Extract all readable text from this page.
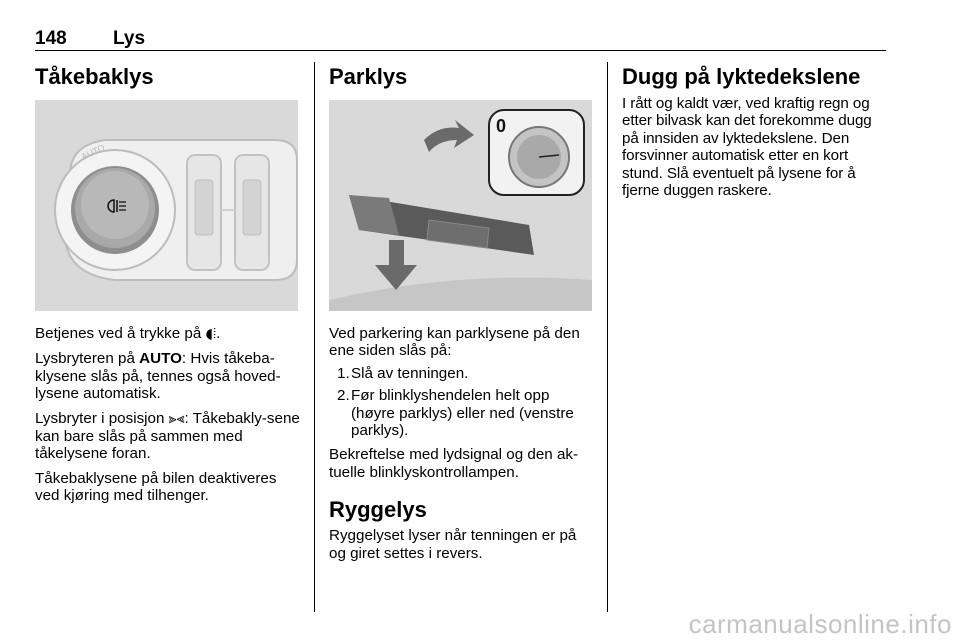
148 Lys
Tåkebaklys
AUTO

Betjenes ved å trykke på ◖⦙.

Lysbryteren på AUTO: Hvis tåkeba-klysene slås på, tennes også hoved-lysene automatisk.

Lysbryter i posisjon ⫸⫷: Tåkebakly-sene kan bare slås på sammen med tåkelysene foran.

Tåkebaklysene på bilen deaktiveres ved kjøring med tilhenger.

Parklys
0

Ved parkering kan parklysene på den ene siden slås på:

1. Slå av tenningen.
2. Før blinklyshendelen helt opp (høyre parklys) eller ned (venstre parklys).

Bekreftelse med lydsignal og den ak-tuelle blinklyskontrollampen.

Ryggelys

Ryggelyset lyser når tenningen er på og giret settes i revers.

Dugg på lyktedekslene

I rått og kaldt vær, ved kraftig regn og etter bilvask kan det forekomme dugg på innsiden av lyktedekslene. Den forsvinner automatisk etter en kort stund. Slå eventuelt på lysene for å fjerne duggen raskere.

carmanualsonline.info
